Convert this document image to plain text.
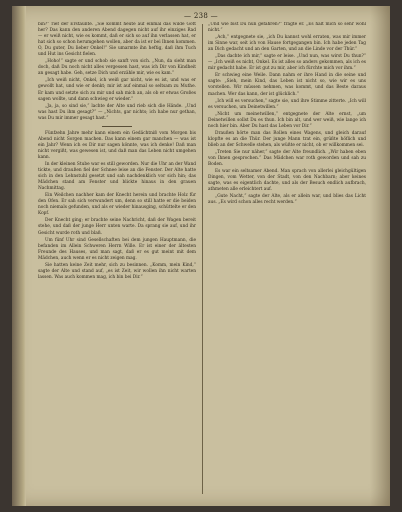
— 238 —

bin?“ rief der Erstaunte. „Sie kommt heute auf einmal das wilde Gott her? Das kann den anderen Abend dagegen nicht auf ihr einziges Rad — er weiß nicht, wie es kommt, daß er sich so auf ihn verlassen hat, er hat sich so schon herumgehen wollen, aber da ist er bei Ihnen kommen. O, Du guter, Du lieber Onkel!“ Sie umarmte ihn heftig, daß ihm Tuch und Hut ins Gesicht fielen.

„Hoho!“ sagte er und schob sie sanft von sich. „Nun, da sieht man doch, daß Du noch nicht alles vergessen hast, was ich Dir von Kindheit an gesagt habe. Geh, setze Dich und erzähle mir, wie es kam.“

„Ich weiß nicht, Onkel, ich weiß gar nicht, wie es ist, und was er gewollt hat, und wie er denkt; mir ist auf einmal so seltsam zu Muthe. Er kam und setzte sich zu mir und sah mich an, als ob er etwas Großes sagen wollte, und dann schwieg er wieder.“

„Ja, ja, so sind sie,“ lachte der Alte und rieb sich die Hände. „Und was hast Du ihm gesagt?“ — „Nichts, gar nichts; ich habe nur gethan, was Du mir immer gesagt hast.“

Fünfzehn Jahre mehr kann einem ein Gedächtniß vom Morgen bis Abend nicht Sorgen machen. Das kann einem gar manchen — was ist ein Jahr? Wenn ich es Dir nur sagen könnte, was ich denke! Daß man nicht vergißt, was gewesen ist, und daß man das Leben nicht umgehen kann.

In der kleinen Stube war es still geworden. Nur die Uhr an der Wand tickte, und draußen fiel der Schnee leise an die Fenster. Der Alte hatte sich in den Lehnstuhl gesetzt und sah nachdenklich vor sich hin; das Mädchen stand am Fenster und blickte hinaus in den grauen Nachmittag.

Ein Weilchen nachher kam der Knecht herein und brachte Holz für den Ofen. Er sah sich verwundert um, denn so still hatte er die beiden noch niemals gefunden, und als er wieder hinausging, schüttelte er den Kopf.

Der Knecht ging; er brachte seine Nachricht, daß der Wagen bereit stehe, und daß der junge Herr unten warte. Da sprang sie auf, und ihr Gesicht wurde roth und blaß.

Um fünf Uhr sind Gesellschaften bei dem jungen Hauptmann, die befanden im Allein Schweren Herrn Wille. Er ist einer der ältesten Freunde des Hauses, und man sagt, daß er es gut meint mit dem Mädchen, auch wenn er es nicht zeigen mag.

Sie hatten keine Zeit mehr, sich zu besinnen. „Komm, mein Kind,“ sagte der Alte und stand auf, „es ist Zeit, wir wollen ihn nicht warten lassen. Was auch kommen mag, ich bin bei Dir.“

„Und wie bist Du nun gefahren?“ fragte er. „Es hält mich so sehr wohl nicht.“

„Ach,“ entgegnete sie, „ich Du kannst wohl erraten, was mir immer im Sinne war, seit ich von Hause fortgegangen bin. Ich habe jeden Tag an Dich gedacht und an den Garten, und an die Linde vor der Thür.“

„Das dachte ich mir,“ sagte er leise. „Und nun, was wirst Du thun?“ — „Ich weiß es nicht, Onkel. Es ist alles so anders gekommen, als ich es mir gedacht habe. Er ist gut zu mir, aber ich fürchte mich vor ihm.“

Er schwieg eine Weile. Dann nahm er ihre Hand in die seine und sagte: „Sieh, mein Kind, das Leben ist nicht so, wie wir es uns vorstellen. Wir müssen nehmen, was kommt, und das Beste daraus machen. Wer das kann, der ist glücklich.“

„Ich will es versuchen,“ sagte sie, und ihre Stimme zitterte. „Ich will es versuchen, um Deinetwillen.“

„Nicht um meinetwillen,“ entgegnete der Alte ernst, „um Deinetwillen sollst Du es thun. Ich bin alt, und wer weiß, wie lange ich noch hier bin. Aber Du hast das Leben vor Dir.“

Draußen hörte man das Rollen eines Wagens, und gleich darauf klopfte es an die Thür. Der junge Mann trat ein, grüßte höflich und blieb an der Schwelle stehen, als wüßte er nicht, ob er willkommen sei.

„Treten Sie nur näher,“ sagte der Alte freundlich. „Wir haben eben von Ihnen gesprochen.“ Das Mädchen war roth geworden und sah zu Boden.

Es war ein seltsamer Abend. Man sprach von allerlei gleichgültigen Dingen, vom Wetter, von der Stadt, von den Nachbarn; aber keines sagte, was es eigentlich dachte, und als der Besuch endlich aufbrach, athmeten alle erleichtert auf.

„Gute Nacht,“ sagte der Alte, als er allein war, und blies das Licht aus. „Es wird schon alles recht werden.“
